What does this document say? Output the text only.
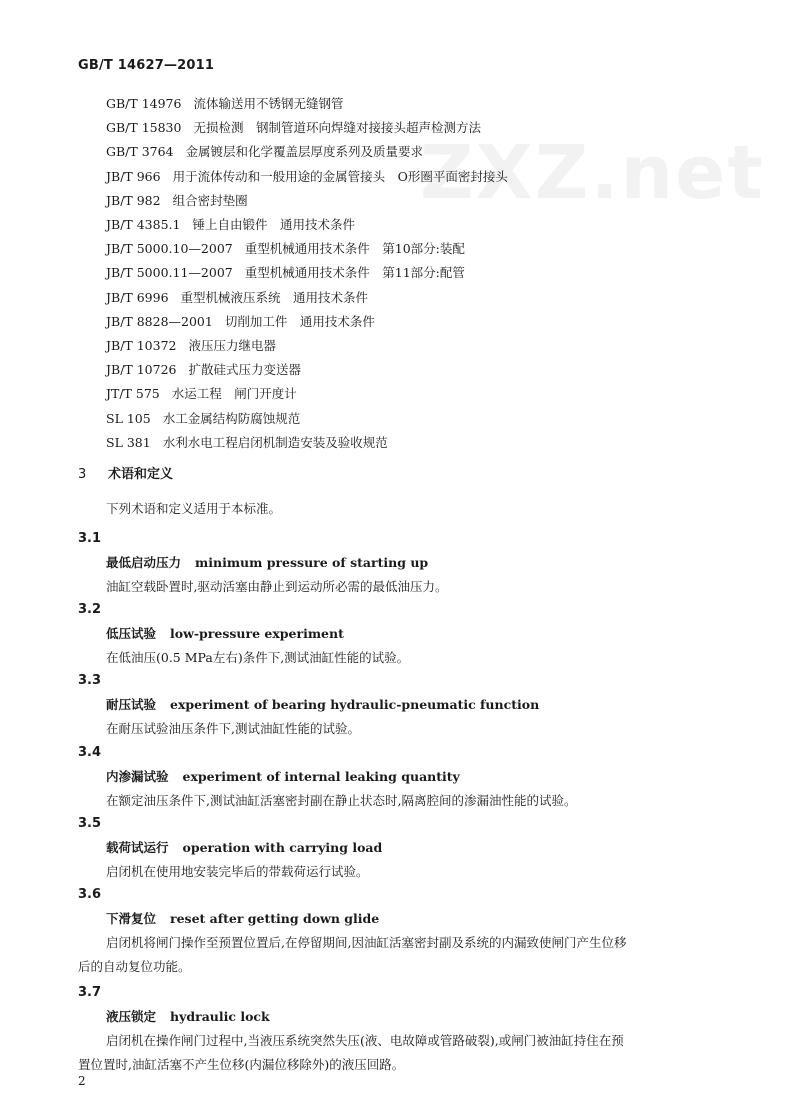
ZXZ.net
GB/T 14627—2011
GB/T 14976 流体输送用不锈钢无缝钢管
GB/T 15830 无损检测　钢制管道环向焊缝对接接头超声检测方法
GB/T 3764 金属镀层和化学覆盖层厚度系列及质量要求
JB/T 966 用于流体传动和一般用途的金属管接头　O形圈平面密封接头
JB/T 982 组合密封垫圈
JB/T 4385.1 锤上自由锻件　通用技术条件
JB/T 5000.10—2007 重型机械通用技术条件　第10部分:装配
JB/T 5000.11—2007 重型机械通用技术条件　第11部分:配管
JB/T 6996 重型机械液压系统　通用技术条件
JB/T 8828—2001 切削加工件　通用技术条件
JB/T 10372 液压压力继电器
JB/T 10726 扩散硅式压力变送器
JT/T 575 水运工程　闸门开度计
SL 105 水工金属结构防腐蚀规范
SL 381 水利水电工程启闭机制造安装及验收规范
3 术语和定义
下列术语和定义适用于本标准。
3.1
最低启动压力 minimum pressure of starting up
油缸空载卧置时,驱动活塞由静止到运动所必需的最低油压力。
3.2
低压试验 low-pressure experiment
在低油压(0.5 MPa左右)条件下,测试油缸性能的试验。
3.3
耐压试验 experiment of bearing hydraulic-pneumatic function
在耐压试验油压条件下,测试油缸性能的试验。
3.4
内渗漏试验 experiment of internal leaking quantity
在额定油压条件下,测试油缸活塞密封副在静止状态时,隔离腔间的渗漏油性能的试验。
3.5
载荷试运行 operation with carrying load
启闭机在使用地安装完毕后的带载荷运行试验。
3.6
下滑复位 reset after getting down glide
启闭机将闸门操作至预置位置后,在停留期间,因油缸活塞密封副及系统的内漏致使闸门产生位移
后的自动复位功能。
3.7
液压锁定 hydraulic lock
启闭机在操作闸门过程中,当液压系统突然失压(液、电故障或管路破裂),或闸门被油缸持住在预
置位置时,油缸活塞不产生位移(内漏位移除外)的液压回路。
2
